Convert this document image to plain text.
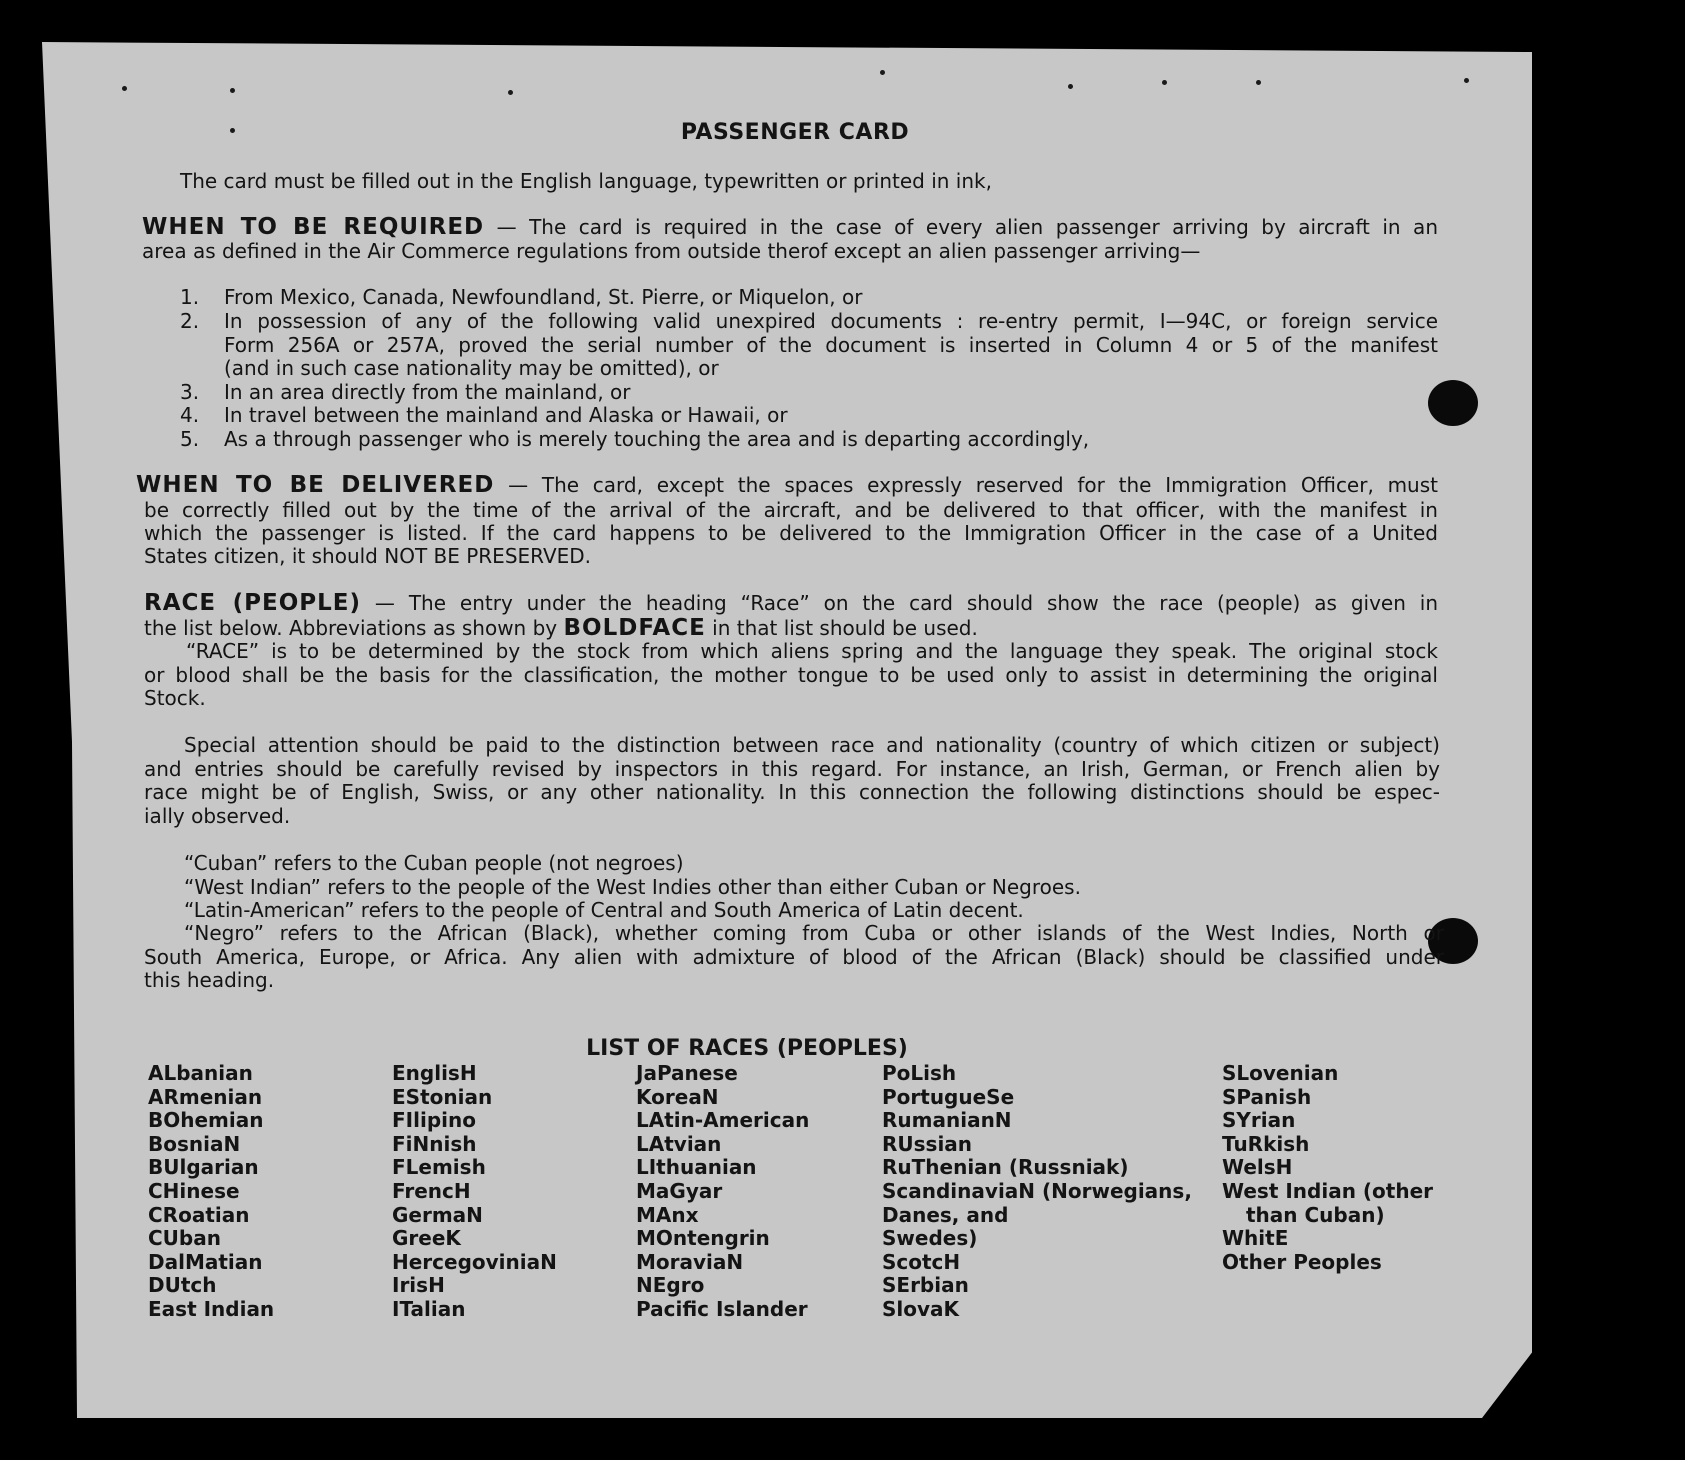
PASSENGER CARD
The card must be filled out in the English language, typewritten or printed in ink,
WHEN TO BE REQUIRED — The card is required in the case of every alien passenger arriving by aircraft in an
area as defined in the Air Commerce regulations from outside therof except an alien passenger arriving—
1. From Mexico, Canada, Newfoundland, St. Pierre, or Miquelon, or
2. In possession of any of the following valid unexpired documents : re-entry permit, I—94C, or foreign service
Form 256A or 257A, proved the serial number of the document is inserted in Column 4 or 5 of the manifest
(and in such case nationality may be omitted), or
3. In an area directly from the mainland, or
4. In travel between the mainland and Alaska or Hawaii, or
5. As a through passenger who is merely touching the area and is departing accordingly,
WHEN TO BE DELIVERED — The card, except the spaces expressly reserved for the Immigration Officer, must
be correctly filled out by the time of the arrival of the aircraft, and be delivered to that officer, with the manifest in
which the passenger is listed. If the card happens to be delivered to the Immigration Officer in the case of a United
States citizen, it should NOT BE PRESERVED.
RACE (PEOPLE) — The entry under the heading “Race” on the card should show the race (people) as given in
the list below. Abbreviations as shown by BOLDFACE in that list should be used.
“RACE” is to be determined by the stock from which aliens spring and the language they speak. The original stock
or blood shall be the basis for the classification, the mother tongue to be used only to assist in determining the original
Stock.
Special attention should be paid to the distinction between race and nationality (country of which citizen or subject)
and entries should be carefully revised by inspectors in this regard. For instance, an Irish, German, or French alien by
race might be of English, Swiss, or any other nationality. In this connection the following distinctions should be espec-
ially observed.
“Cuban” refers to the Cuban people (not negroes)
“West Indian” refers to the people of the West Indies other than either Cuban or Negroes.
“Latin-American” refers to the people of Central and South America of Latin decent.
“Negro” refers to the African (Black), whether coming from Cuba or other islands of the West Indies, North or
South America, Europe, or Africa. Any alien with admixture of blood of the African (Black) should be classified under
this heading.
LIST OF RACES (PEOPLES)
ALbanian
ARmenian
BOhemian
BosniaN
BUlgarian
CHinese
CRoatian
CUban
DalMatian
DUtch
East Indian
EnglisH
EStonian
FIlipino
FiNnish
FLemish
FrencH
GermaN
GreeK
HercegoviniaN
IrisH
ITalian
JaPanese
KoreaN
LAtin-American
LAtvian
LIthuanian
MaGyar
MAnx
MOntengrin
MoraviaN
NEgro
Pacific Islander
PoLish
PortugueSe
RumanianN
RUssian
RuThenian (Russniak)
ScandinaviaN (Norwegians,
Danes, and
Swedes)
ScotcH
SErbian
SlovaK
SLovenian
SPanish
SYrian
TuRkish
WelsH
West Indian (other
than Cuban)
WhitE
Other Peoples
